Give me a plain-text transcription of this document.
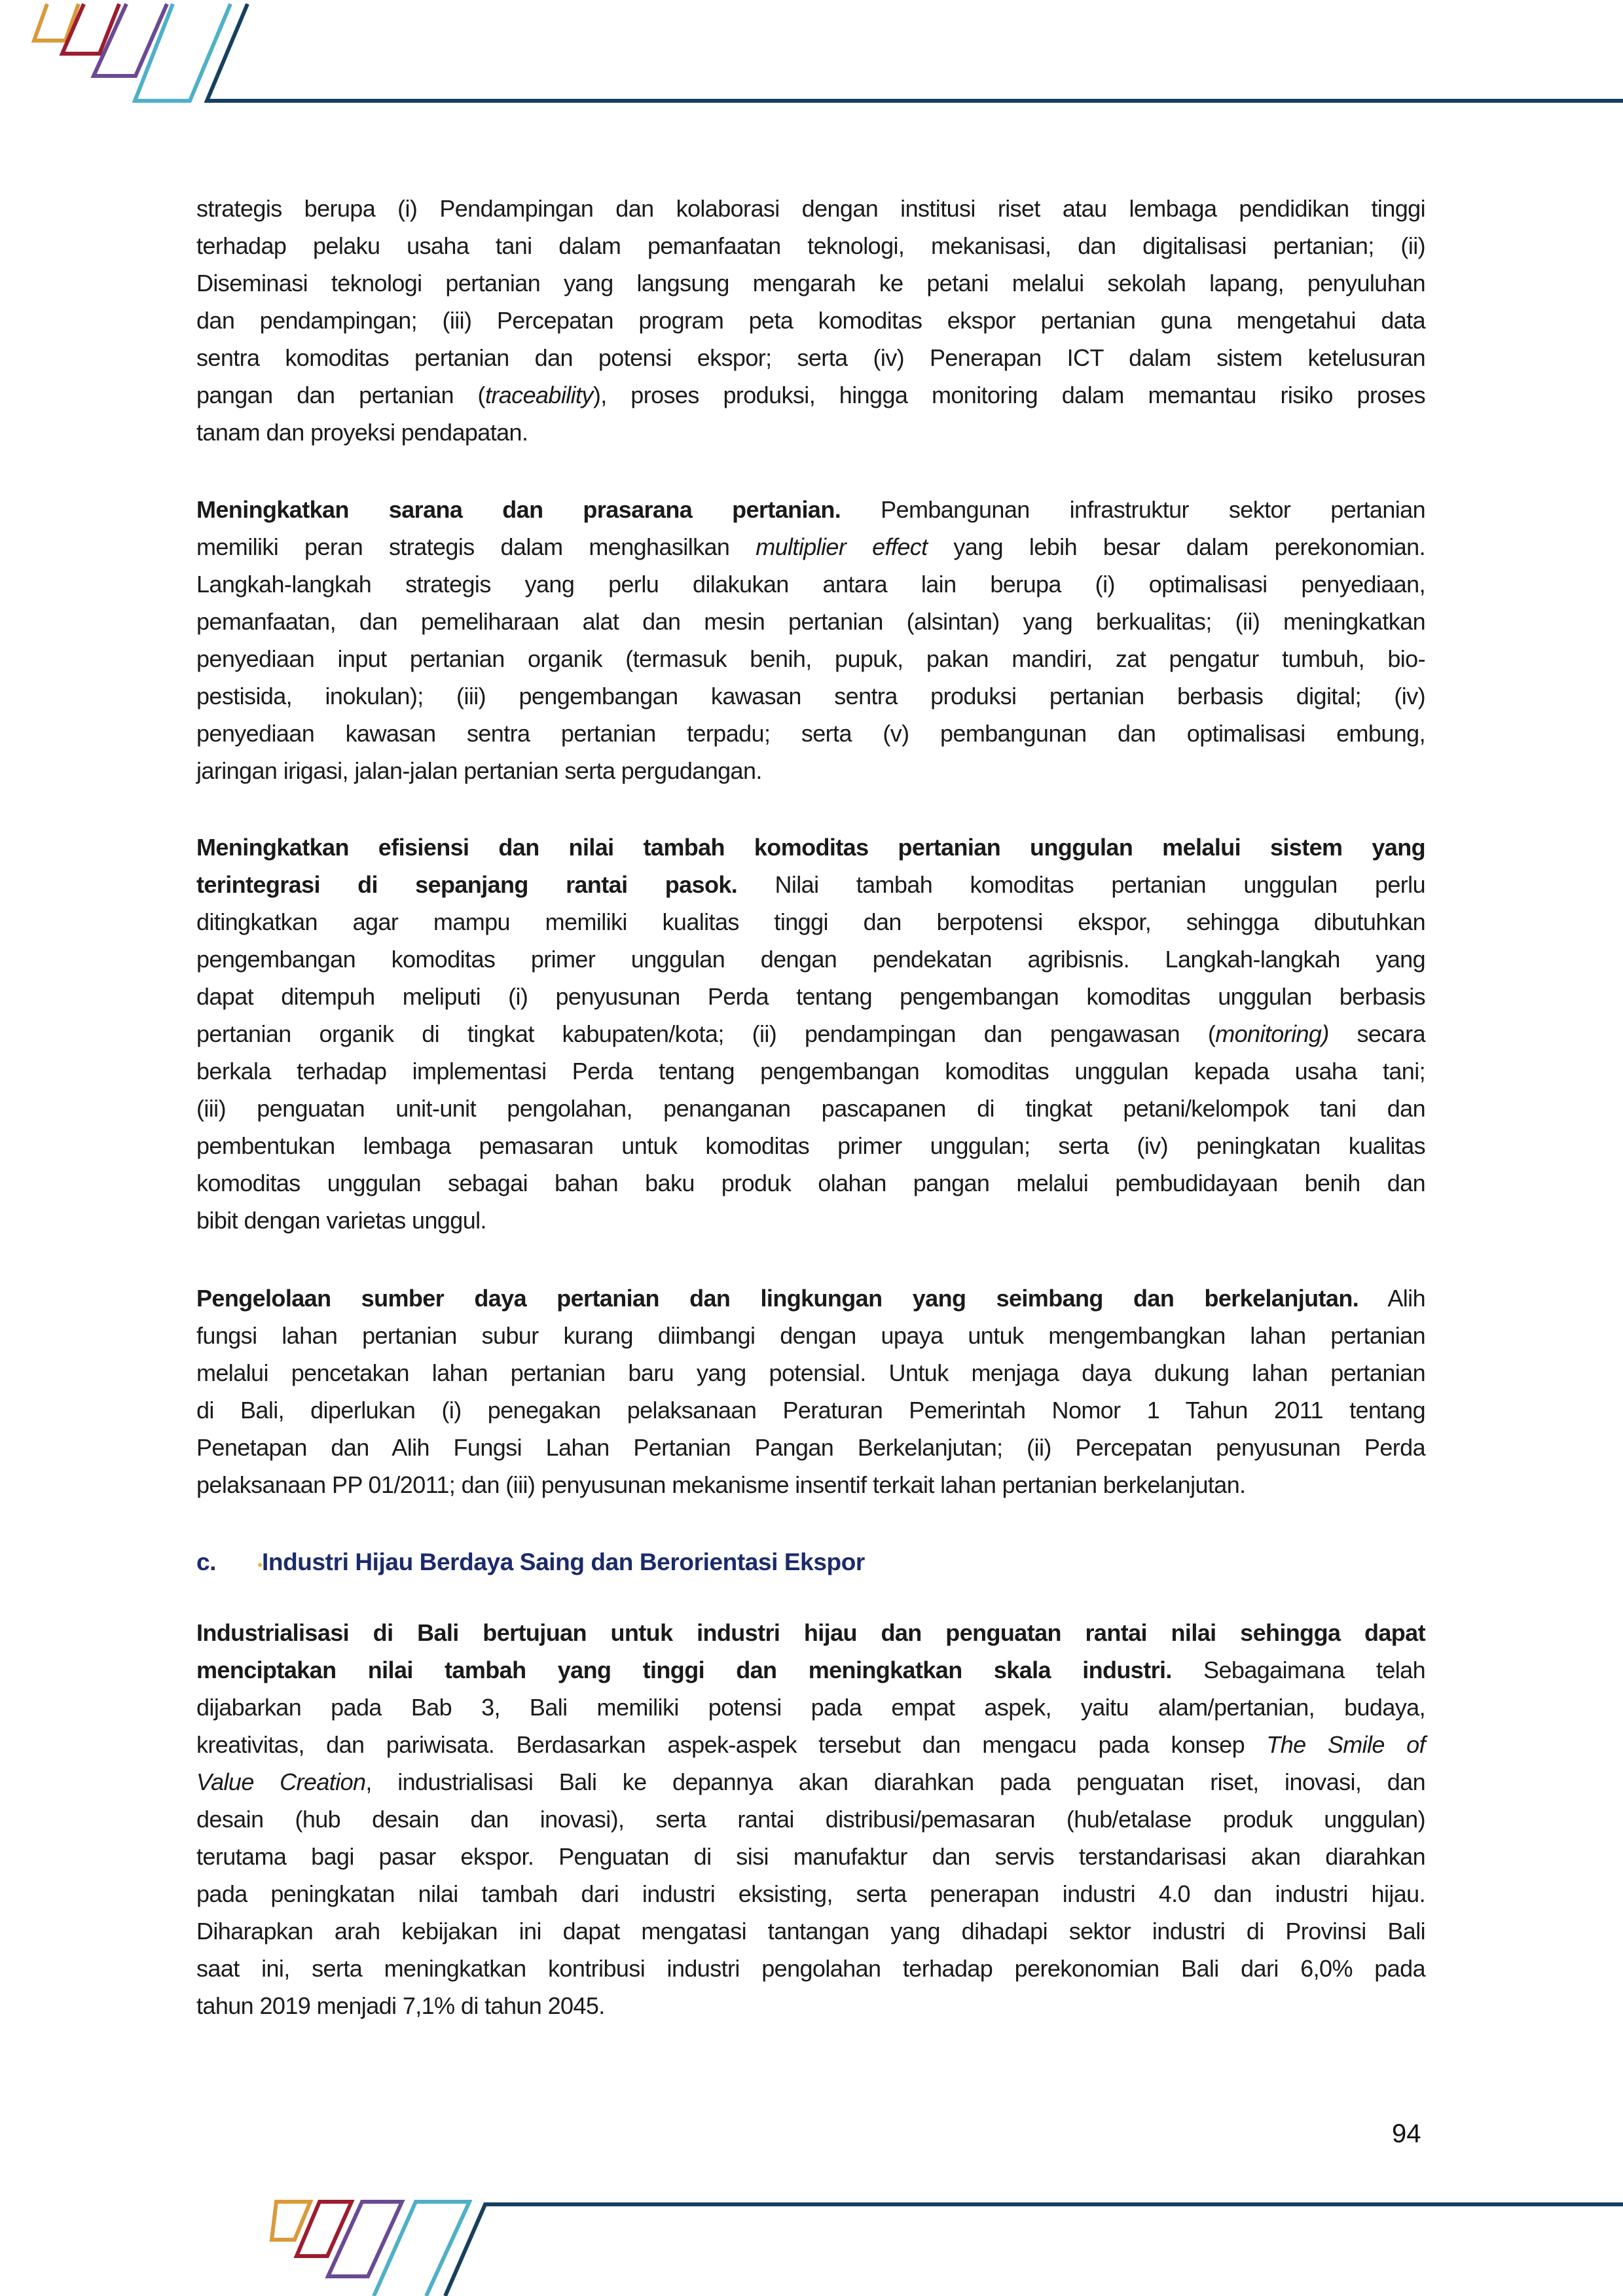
strategis berupa (i) Pendampingan dan kolaborasi dengan institusi riset atau lembaga pendidikan tinggi
terhadap pelaku usaha tani dalam pemanfaatan teknologi, mekanisasi, dan digitalisasi pertanian; (ii)
Diseminasi teknologi pertanian yang langsung mengarah ke petani melalui sekolah lapang, penyuluhan
dan pendampingan; (iii) Percepatan program peta komoditas ekspor pertanian guna mengetahui data
sentra komoditas pertanian dan potensi ekspor; serta (iv) Penerapan ICT dalam sistem ketelusuran
pangan dan pertanian (traceability), proses produksi, hingga monitoring dalam memantau risiko proses
tanam dan proyeksi pendapatan.
Meningkatkan sarana dan prasarana pertanian. Pembangunan infrastruktur sektor pertanian
memiliki peran strategis dalam menghasilkan multiplier effect yang lebih besar dalam perekonomian.
Langkah-langkah strategis yang perlu dilakukan antara lain berupa (i) optimalisasi penyediaan,
pemanfaatan, dan pemeliharaan alat dan mesin pertanian (alsintan) yang berkualitas; (ii) meningkatkan
penyediaan input pertanian organik (termasuk benih, pupuk, pakan mandiri, zat pengatur tumbuh, bio-
pestisida, inokulan); (iii) pengembangan kawasan sentra produksi pertanian berbasis digital; (iv)
penyediaan kawasan sentra pertanian terpadu; serta (v) pembangunan dan optimalisasi embung,
jaringan irigasi, jalan-jalan pertanian serta pergudangan.
Meningkatkan efisiensi dan nilai tambah komoditas pertanian unggulan melalui sistem yang
terintegrasi di sepanjang rantai pasok. Nilai tambah komoditas pertanian unggulan perlu
ditingkatkan agar mampu memiliki kualitas tinggi dan berpotensi ekspor, sehingga dibutuhkan
pengembangan komoditas primer unggulan dengan pendekatan agribisnis. Langkah-langkah yang
dapat ditempuh meliputi (i) penyusunan Perda tentang pengembangan komoditas unggulan berbasis
pertanian organik di tingkat kabupaten/kota; (ii) pendampingan dan pengawasan (monitoring) secara
berkala terhadap implementasi Perda tentang pengembangan komoditas unggulan kepada usaha tani;
(iii) penguatan unit-unit pengolahan, penanganan pascapanen di tingkat petani/kelompok tani dan
pembentukan lembaga pemasaran untuk komoditas primer unggulan; serta (iv) peningkatan kualitas
komoditas unggulan sebagai bahan baku produk olahan pangan melalui pembudidayaan benih dan
bibit dengan varietas unggul.
Pengelolaan sumber daya pertanian dan lingkungan yang seimbang dan berkelanjutan. Alih
fungsi lahan pertanian subur kurang diimbangi dengan upaya untuk mengembangkan lahan pertanian
melalui pencetakan lahan pertanian baru yang potensial. Untuk menjaga daya dukung lahan pertanian
di Bali, diperlukan (i) penegakan pelaksanaan Peraturan Pemerintah Nomor 1 Tahun 2011 tentang
Penetapan dan Alih Fungsi Lahan Pertanian Pangan Berkelanjutan; (ii) Percepatan penyusunan Perda
pelaksanaan PP 01/2011; dan (iii) penyusunan mekanisme insentif terkait lahan pertanian berkelanjutan.
c. Industri Hijau Berdaya Saing dan Berorientasi Ekspor
Industrialisasi di Bali bertujuan untuk industri hijau dan penguatan rantai nilai sehingga dapat
menciptakan nilai tambah yang tinggi dan meningkatkan skala industri. Sebagaimana telah
dijabarkan pada Bab 3, Bali memiliki potensi pada empat aspek, yaitu alam/pertanian, budaya,
kreativitas, dan pariwisata. Berdasarkan aspek-aspek tersebut dan mengacu pada konsep The Smile of
Value Creation, industrialisasi Bali ke depannya akan diarahkan pada penguatan riset, inovasi, dan
desain (hub desain dan inovasi), serta rantai distribusi/pemasaran (hub/etalase produk unggulan)
terutama bagi pasar ekspor. Penguatan di sisi manufaktur dan servis terstandarisasi akan diarahkan
pada peningkatan nilai tambah dari industri eksisting, serta penerapan industri 4.0 dan industri hijau.
Diharapkan arah kebijakan ini dapat mengatasi tantangan yang dihadapi sektor industri di Provinsi Bali
saat ini, serta meningkatkan kontribusi industri pengolahan terhadap perekonomian Bali dari 6,0% pada
tahun 2019 menjadi 7,1% di tahun 2045.
94
